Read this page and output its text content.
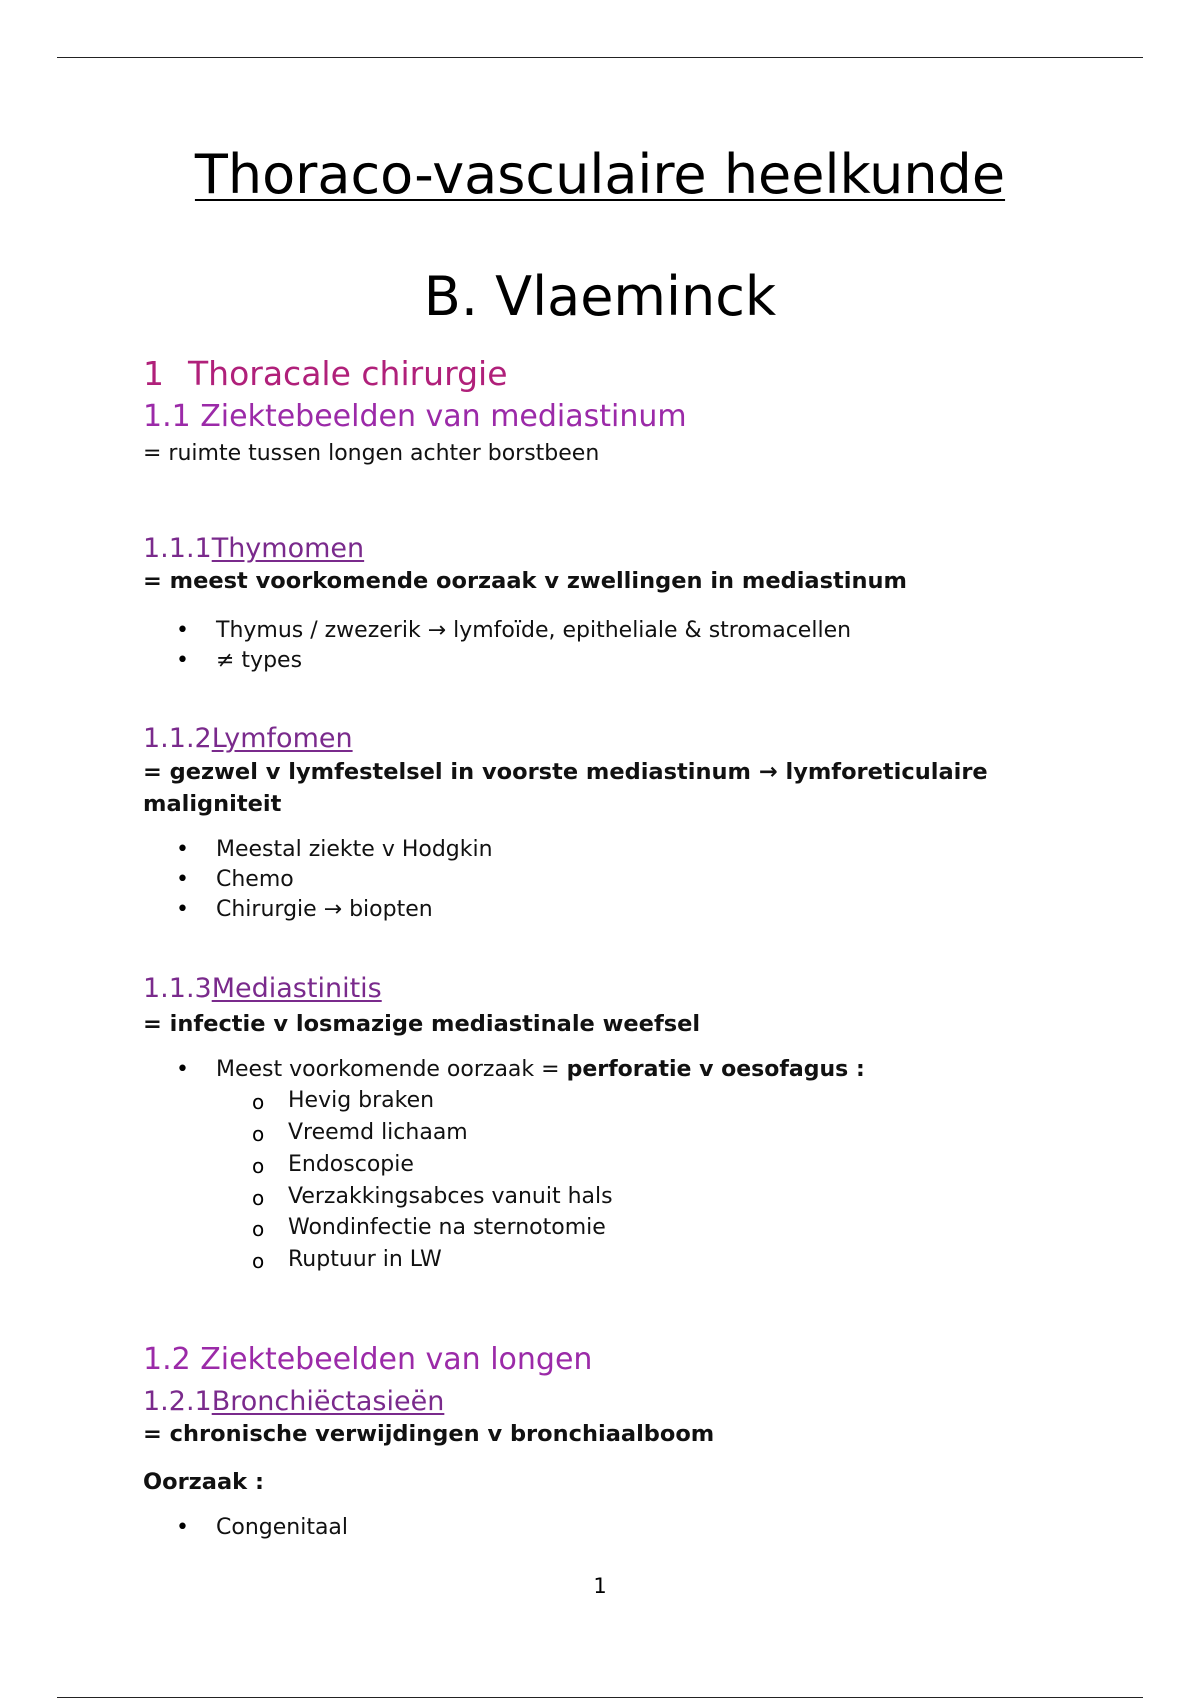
Thoraco-vasculaire heelkunde
B. Vlaeminck
1 Thoracale chirurgie
1.1 Ziektebeelden van mediastinum
= ruimte tussen longen achter borstbeen
1.1.1Thymomen
= meest voorkomende oorzaak v zwellingen in mediastinum
• Thymus / zwezerik → lymfoïde, epitheliale & stromacellen
• ≠ types
1.1.2Lymfomen
= gezwel v lymfestelsel in voorste mediastinum → lymforeticulaire
maligniteit
• Meestal ziekte v Hodgkin
• Chemo
• Chirurgie → biopten
1.1.3Mediastinitis
= infectie v losmazige mediastinale weefsel
• Meest voorkomende oorzaak = perforatie v oesofagus :
o Hevig braken
o Vreemd lichaam
o Endoscopie
o Verzakkingsabces vanuit hals
o Wondinfectie na sternotomie
o Ruptuur in LW
1.2 Ziektebeelden van longen
1.2.1Bronchiëctasieën
= chronische verwijdingen v bronchiaalboom
Oorzaak :
• Congenitaal
1
